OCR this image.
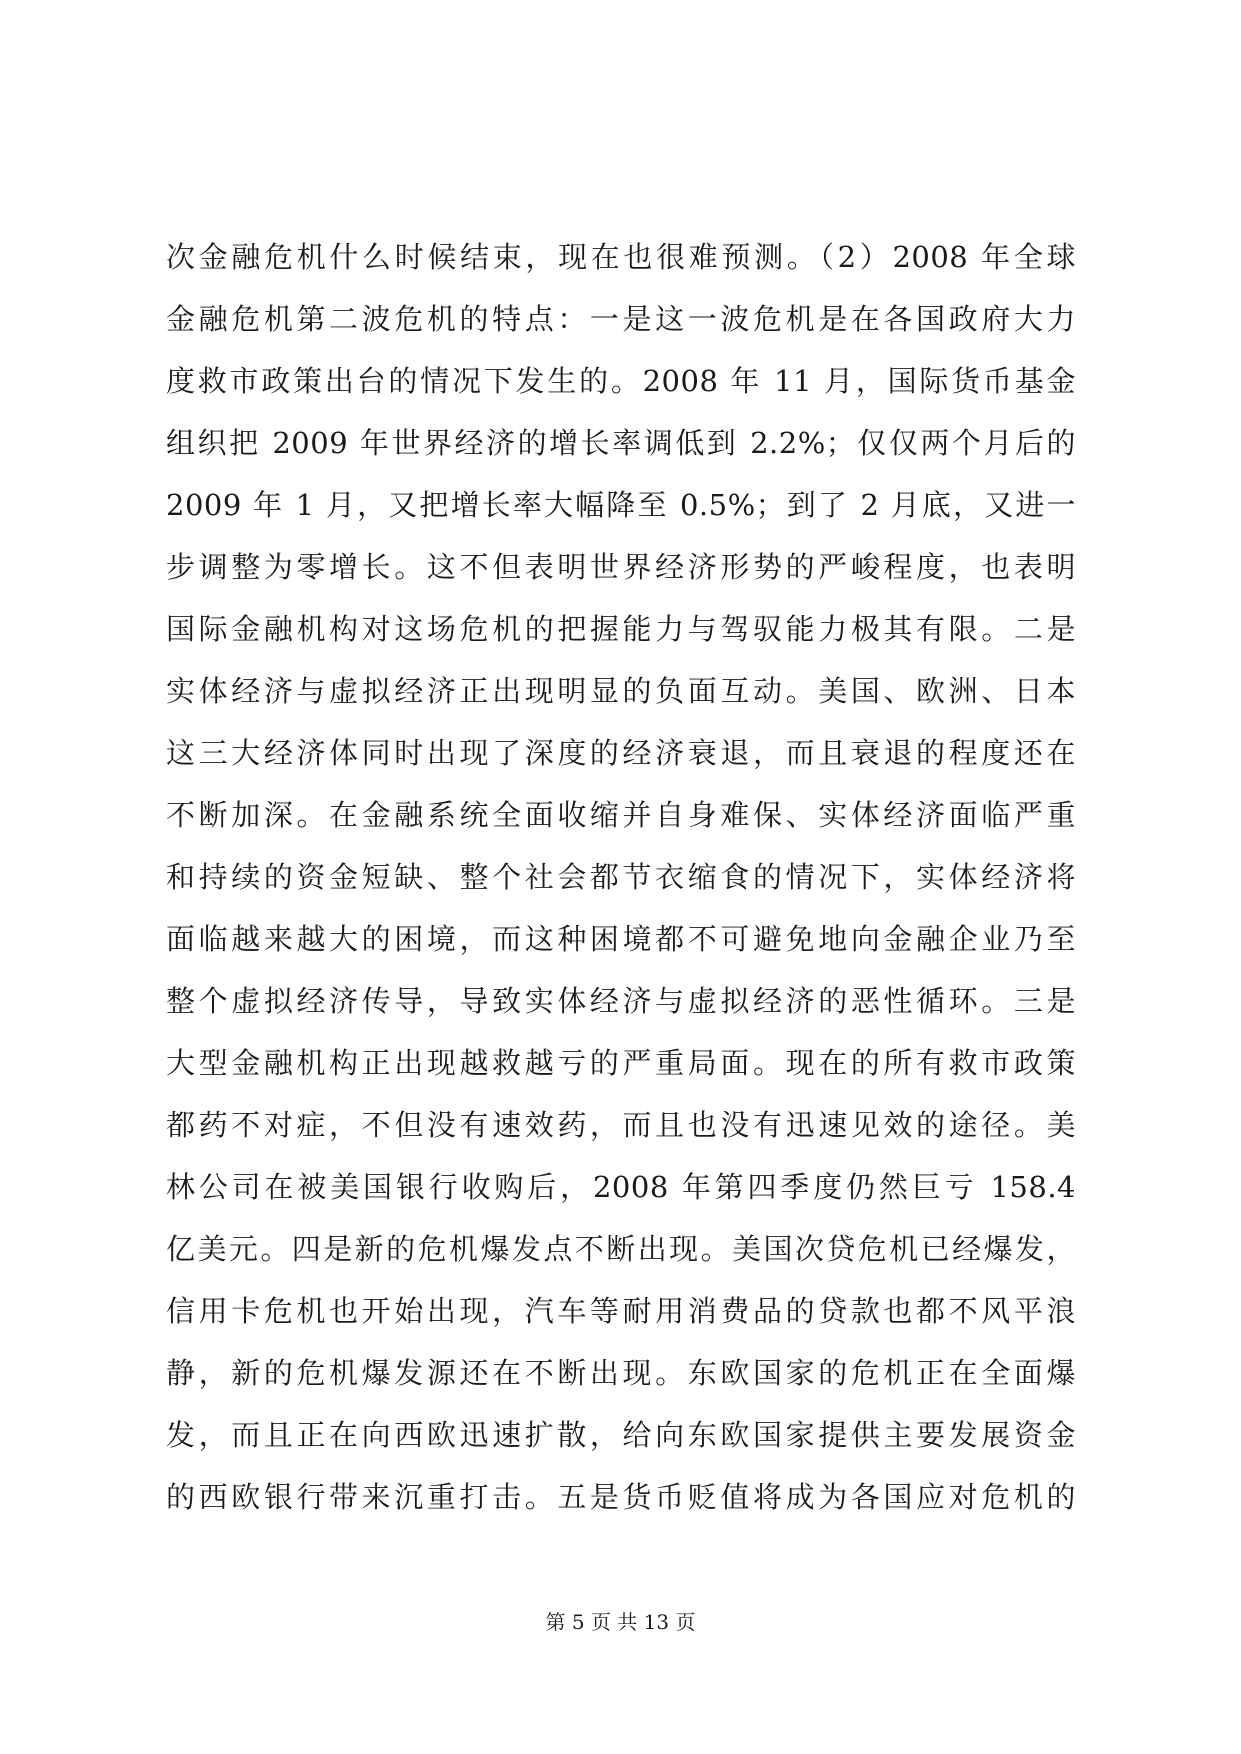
次金融危机什么时候结束，现在也很难预测。（2）2008 年全球
金融危机第二波危机的特点：一是这一波危机是在各国政府大力
度救市政策出台的情况下发生的。2008 年 11 月，国际货币基金
组织把 2009 年世界经济的增长率调低到 2.2%；仅仅两个月后的
2009 年 1 月，又把增长率大幅降至 0.5%；到了 2 月底，又进一
步调整为零增长。这不但表明世界经济形势的严峻程度，也表明
国际金融机构对这场危机的把握能力与驾驭能力极其有限。二是
实体经济与虚拟经济正出现明显的负面互动。美国、欧洲、日本
这三大经济体同时出现了深度的经济衰退，而且衰退的程度还在
不断加深。在金融系统全面收缩并自身难保、实体经济面临严重
和持续的资金短缺、整个社会都节衣缩食的情况下，实体经济将
面临越来越大的困境，而这种困境都不可避免地向金融企业乃至
整个虚拟经济传导，导致实体经济与虚拟经济的恶性循环。三是
大型金融机构正出现越救越亏的严重局面。现在的所有救市政策
都药不对症，不但没有速效药，而且也没有迅速见效的途径。美
林公司在被美国银行收购后，2008 年第四季度仍然巨亏 158.4
亿美元。四是新的危机爆发点不断出现。美国次贷危机已经爆发，
信用卡危机也开始出现，汽车等耐用消费品的贷款也都不风平浪
静，新的危机爆发源还在不断出现。东欧国家的危机正在全面爆
发，而且正在向西欧迅速扩散，给向东欧国家提供主要发展资金
的西欧银行带来沉重打击。五是货币贬值将成为各国应对危机的
第 5 页 共 13 页
